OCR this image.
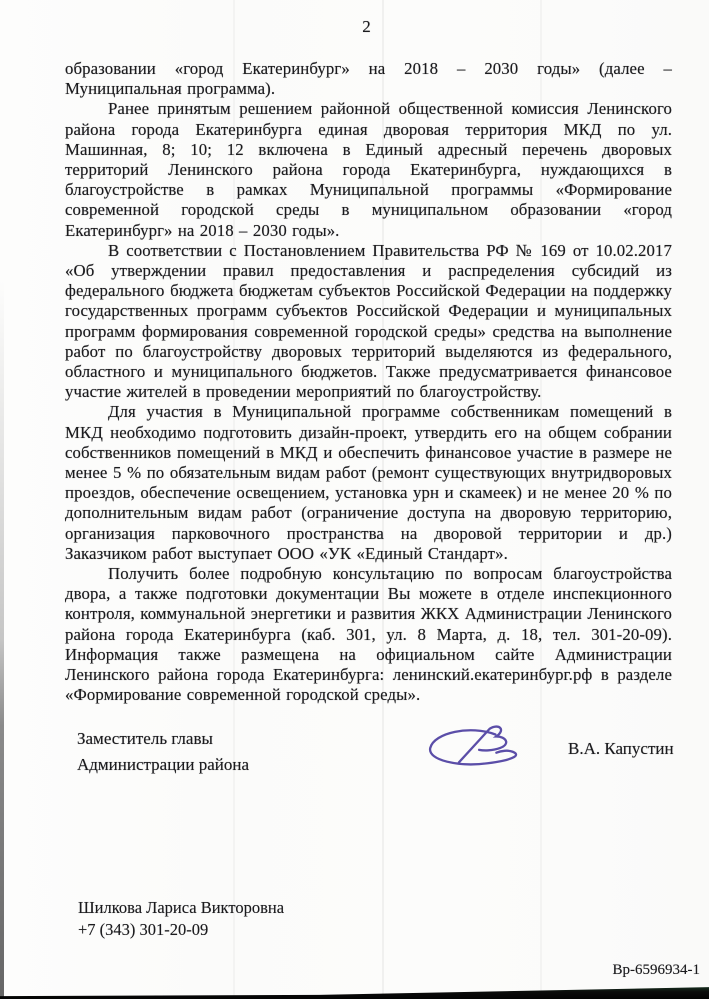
2

образовании «город Екатеринбург» на 2018 – 2030 годы» (далее – Муниципальная программа).

Ранее принятым решением районной общественной комиссия Ленинского района города Екатеринбурга единая дворовая территория МКД по ул. Машинная, 8; 10; 12 включена в Единый адресный перечень дворовых территорий Ленинского района города Екатеринбурга, нуждающихся в благоустройстве в рамках Муниципальной программы «Формирование современной городской среды в муниципальном образовании «город Екатеринбург» на 2018 – 2030 годы».

В соответствии с Постановлением Правительства РФ № 169 от 10.02.2017 «Об утверждении правил предоставления и распределения субсидий из федерального бюджета бюджетам субъектов Российской Федерации на поддержку государственных программ субъектов Российской Федерации и муниципальных программ формирования современной городской среды» средства на выполнение работ по благоустройству дворовых территорий выделяются из федерального, областного и муниципального бюджетов. Также предусматривается финансовое участие жителей в проведении мероприятий по благоустройству.

Для участия в Муниципальной программе собственникам помещений в МКД необходимо подготовить дизайн-проект, утвердить его на общем собрании собственников помещений в МКД и обеспечить финансовое участие в размере не менее 5 % по обязательным видам работ (ремонт существующих внутридворовых проездов, обеспечение освещением, установка урн и скамеек) и не менее 20 % по дополнительным видам работ (ограничение доступа на дворовую территорию, организация парковочного пространства на дворовой территории и др.) Заказчиком работ выступает ООО «УК «Единый Стандарт».

Получить более подробную консультацию по вопросам благоустройства двора, а также подготовки документации Вы можете в отделе инспекционного контроля, коммунальной энергетики и развития ЖКХ Администрации Ленинского района города Екатеринбурга (каб. 301, ул. 8 Марта, д. 18, тел. 301-20-09). Информация также размещена на официальном сайте Администрации Ленинского района города Екатеринбурга: ленинский.екатеринбург.рф в разделе «Формирование современной городской среды».

Заместитель главы
Администрации района
В.А. Капустин
Шилкова Лариса Викторовна
+7 (343) 301-20-09
Вр-6596934-1
